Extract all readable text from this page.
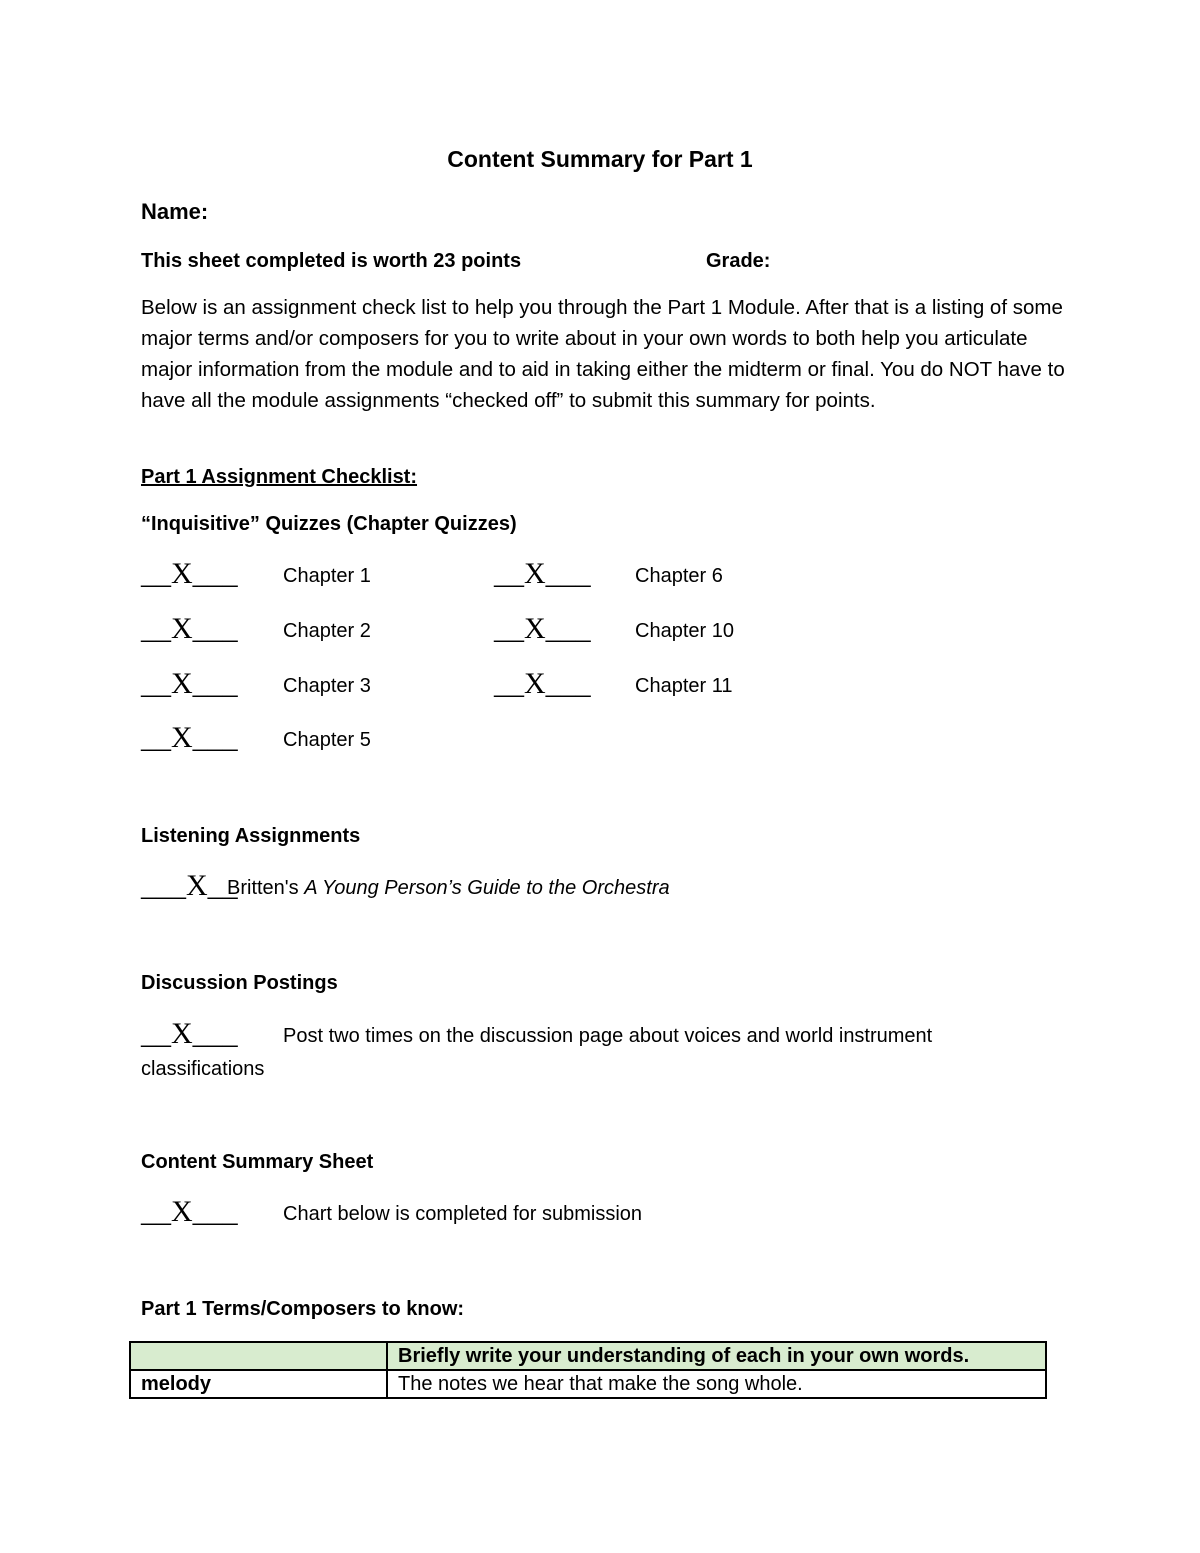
Content Summary for Part 1
Name:
This sheet completed is worth 23 points	Grade:
Below is an assignment check list to help you through the Part 1 Module. After that is a listing of some major terms and/or composers for you to write about in your own words to both help you articulate major information from the module and to aid in taking either the midterm or final. You do NOT have to have all the module assignments “checked off” to submit this summary for points.
Part 1 Assignment Checklist:
“Inquisitive” Quizzes (Chapter Quizzes)
__X___ Chapter 1
__X___ Chapter 2
__X___ Chapter 3
__X___ Chapter 5
__X___ Chapter 6
__X___ Chapter 10
__X___ Chapter 11
Listening Assignments
___X__
Britten's A Young Person’s Guide to the Orchestra
Discussion Postings
__X___ Post two times on the discussion page about voices and world instrument
classifications
Content Summary Sheet
__X___ Chart below is completed for submission
Part 1 Terms/Composers to know:
	Briefly write your understanding of each in your own words.
melody	The notes we hear that make the song whole.
